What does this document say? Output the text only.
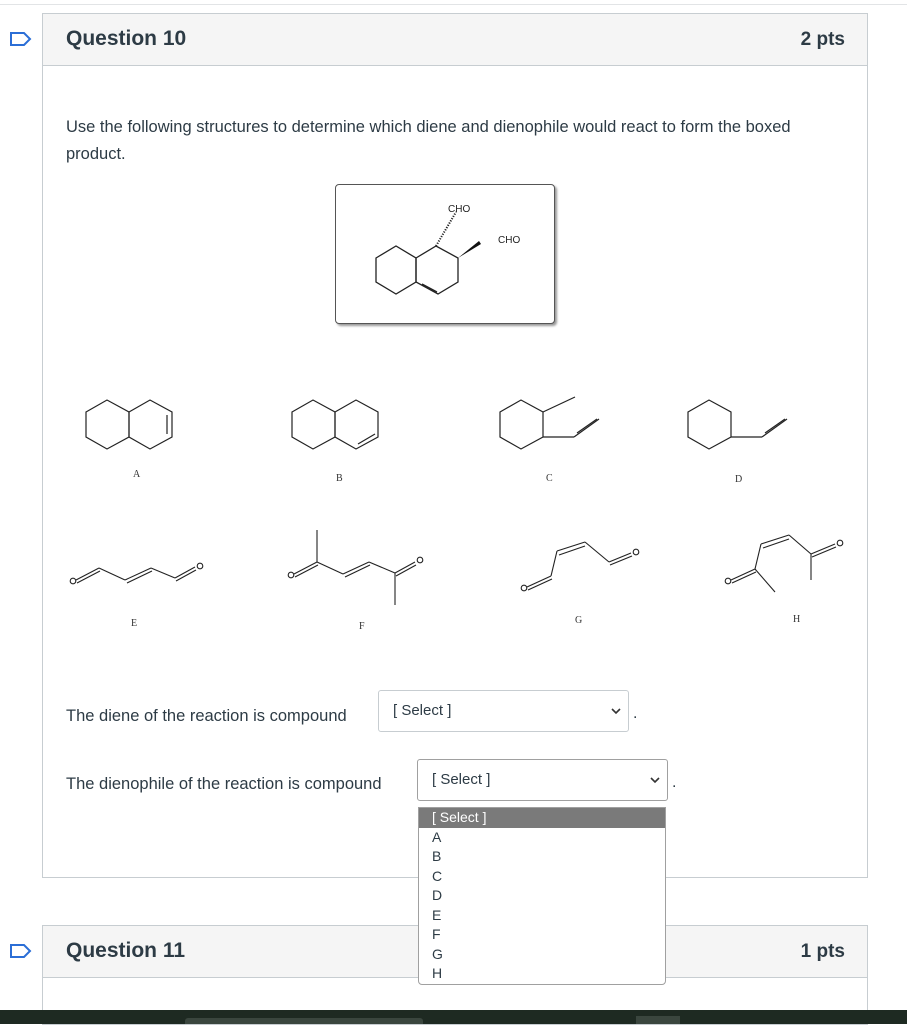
Question 10	2 pts
Use the following structures to determine which diene and dienophile would react to form the boxed product.
CHO
CHO
A	B	C	D
E	F
G	H
The diene of the reaction is compound	[ Select ]	.
The dienophile of the reaction is compound	[ Select ]	.
Question 11	1 pts
[ Select ]
A
B
C
D
E
F
G
H
